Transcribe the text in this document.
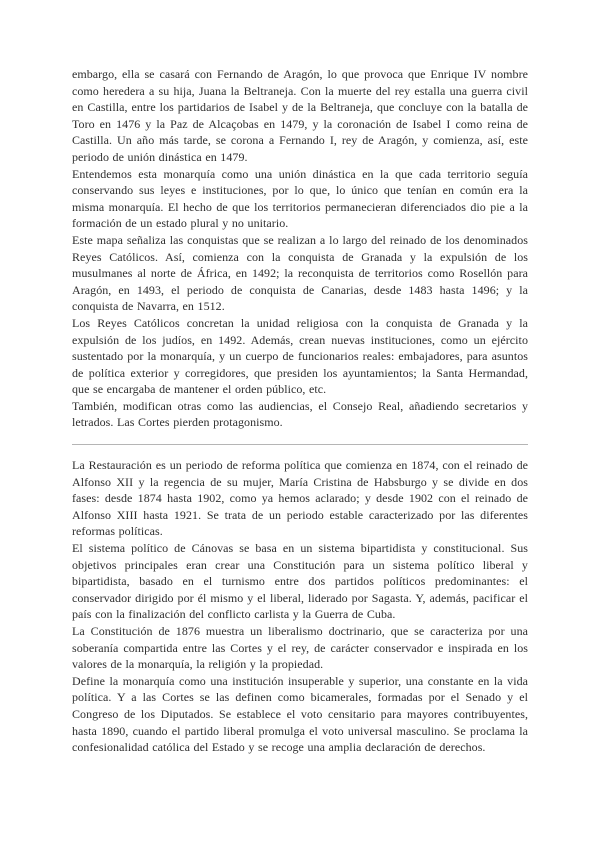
embargo, ella se casará con Fernando de Aragón, lo que provoca que Enrique IV nombre como heredera a su hija, Juana la Beltraneja. Con la muerte del rey estalla una guerra civil en Castilla, entre los partidarios de Isabel y de la Beltraneja, que concluye con la batalla de Toro en 1476 y la Paz de Alcaçobas en 1479, y la coronación de Isabel I como reina de Castilla. Un año más tarde, se corona a Fernando I, rey de Aragón, y comienza, así, este periodo de unión dinástica en 1479.

Entendemos esta monarquía como una unión dinástica en la que cada territorio seguía conservando sus leyes e instituciones, por lo que, lo único que tenían en común era la misma monarquía. El hecho de que los territorios permanecieran diferenciados dio pie a la formación de un estado plural y no unitario.

Este mapa señaliza las conquistas que se realizan a lo largo del reinado de los denominados Reyes Católicos. Así, comienza con la conquista de Granada y la expulsión de los musulmanes al norte de África, en 1492; la reconquista de territorios como Rosellón para Aragón, en 1493, el periodo de conquista de Canarias, desde 1483 hasta 1496; y la conquista de Navarra, en 1512.

Los Reyes Católicos concretan la unidad religiosa con la conquista de Granada y la expulsión de los judíos, en 1492. Además, crean nuevas instituciones, como un ejército sustentado por la monarquía, y un cuerpo de funcionarios reales: embajadores, para asuntos de política exterior y corregidores, que presiden los ayuntamientos; la Santa Hermandad, que se encargaba de mantener el orden público, etc.

También, modifican otras como las audiencias, el Consejo Real, añadiendo secretarios y letrados. Las Cortes pierden protagonismo.

La Restauración es un periodo de reforma política que comienza en 1874, con el reinado de Alfonso XII y la regencia de su mujer, María Cristina de Habsburgo y se divide en dos fases: desde 1874 hasta 1902, como ya hemos aclarado; y desde 1902 con el reinado de Alfonso XIII hasta 1921. Se trata de un periodo estable caracterizado por las diferentes reformas políticas.

El sistema político de Cánovas se basa en un sistema bipartidista y constitucional. Sus objetivos principales eran crear una Constitución para un sistema político liberal y bipartidista, basado en el turnismo entre dos partidos políticos predominantes: el conservador dirigido por él mismo y el liberal, liderado por Sagasta. Y, además, pacificar el país con la finalización del conflicto carlista y la Guerra de Cuba.

La Constitución de 1876 muestra un liberalismo doctrinario, que se caracteriza por una soberanía compartida entre las Cortes y el rey, de carácter conservador e inspirada en los valores de la monarquía, la religión y la propiedad.

Define la monarquía como una institución insuperable y superior, una constante en la vida política. Y a las Cortes se las definen como bicamerales, formadas por el Senado y el Congreso de los Diputados. Se establece el voto censitario para mayores contribuyentes, hasta 1890, cuando el partido liberal promulga el voto universal masculino. Se proclama la confesionalidad católica del Estado y se recoge una amplia declaración de derechos.
